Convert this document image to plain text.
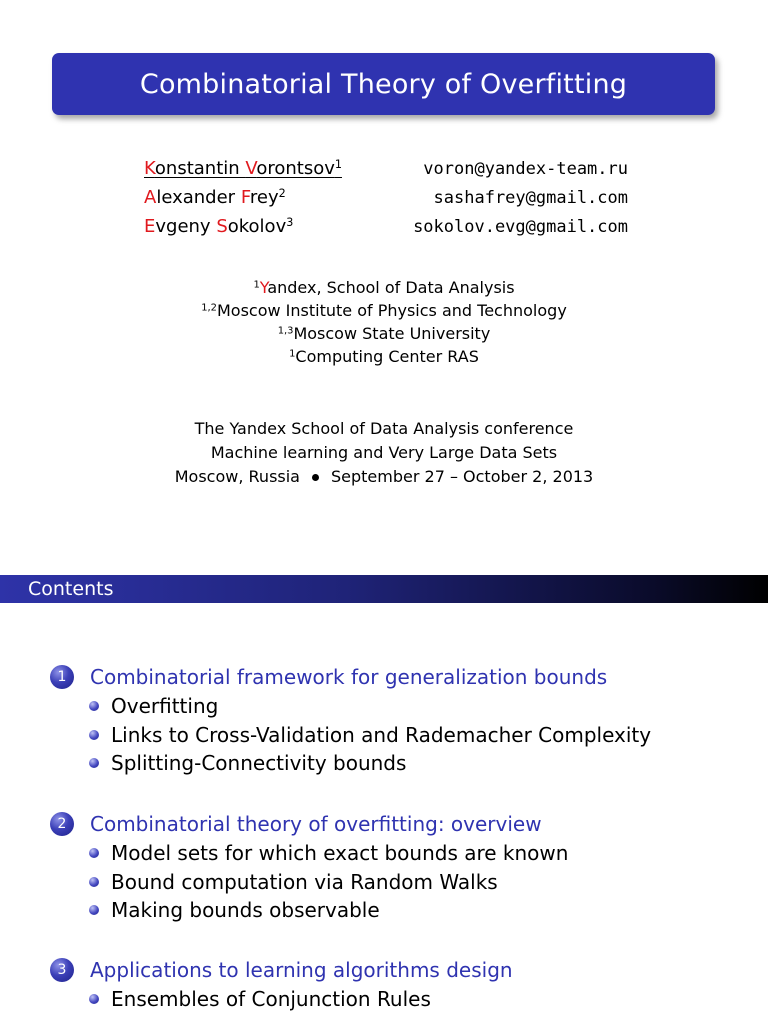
Combinatorial Theory of Overfitting
Konstantin Vorontsov$^1$	voron@yandex-team.ru
Alexander Frey$^2$	sashafrey@gmail.com
Evgeny Sokolov$^3$	sokolov.evg@gmail.com
$^1$Yandex, School of Data Analysis
$^{1,2}$Moscow Institute of Physics and Technology
$^{1,3}$Moscow State University
$^1$Computing Center RAS
The Yandex School of Data Analysis conference
Machine learning and Very Large Data Sets
Moscow, Russia September 27 – October 2, 2013
Contents
1	Combinatorial framework for generalization bounds
Overfitting
Links to Cross-Validation and Rademacher Complexity
Splitting-Connectivity bounds
2	Combinatorial theory of overfitting: overview
Model sets for which exact bounds are known
Bound computation via Random Walks
Making bounds observable
3	Applications to learning algorithms design
Ensembles of Conjunction Rules
